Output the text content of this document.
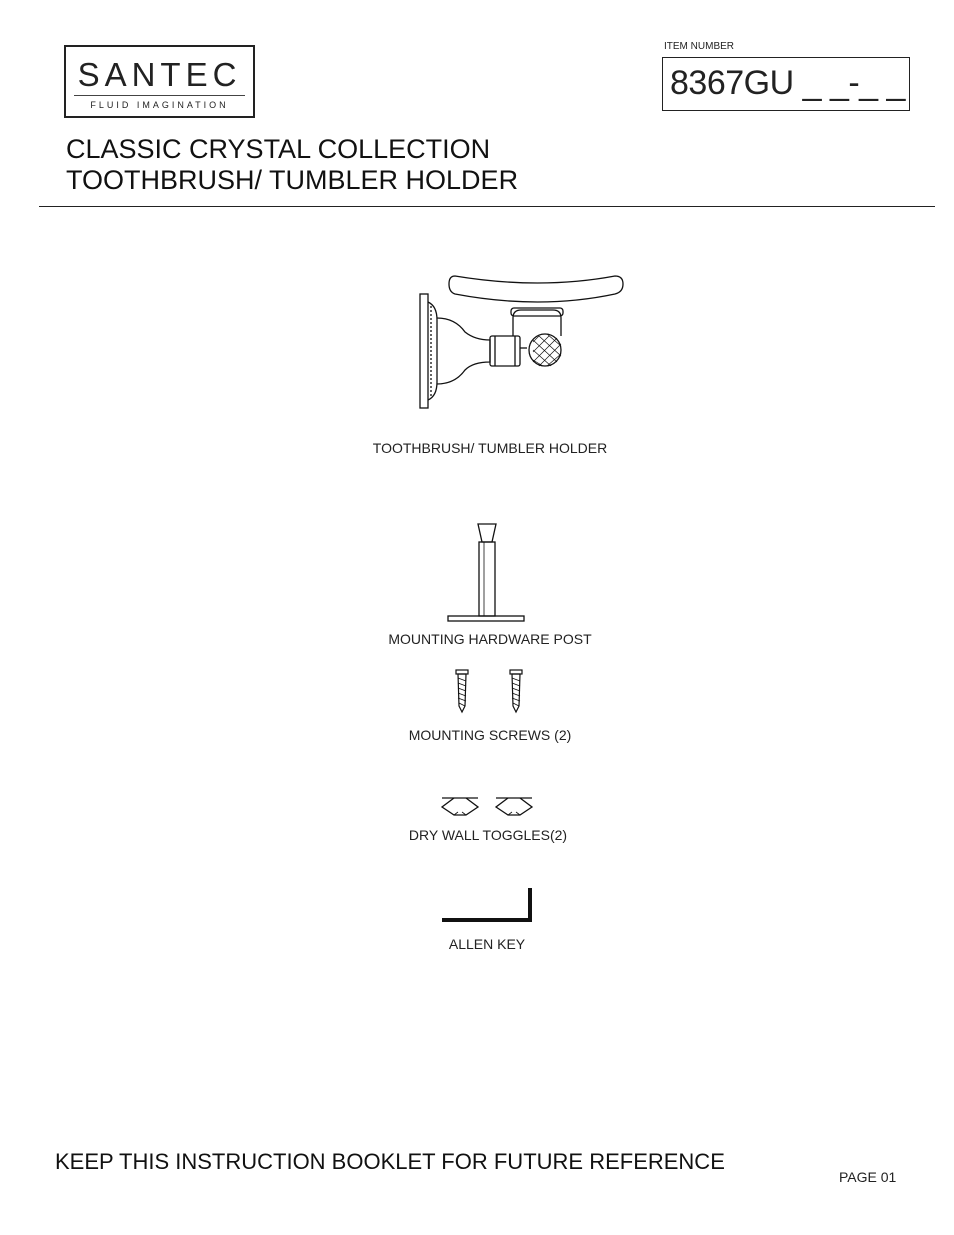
SANTEC
FLUID IMAGINATION
ITEM NUMBER
8367GU _ _-_ _
CLASSIC CRYSTAL COLLECTION
TOOTHBRUSH/ TUMBLER HOLDER
TOOTHBRUSH/ TUMBLER HOLDER
MOUNTING HARDWARE POST
MOUNTING SCREWS (2)
DRY WALL TOGGLES(2)
ALLEN KEY
KEEP THIS INSTRUCTION BOOKLET FOR FUTURE REFERENCE
PAGE 01
